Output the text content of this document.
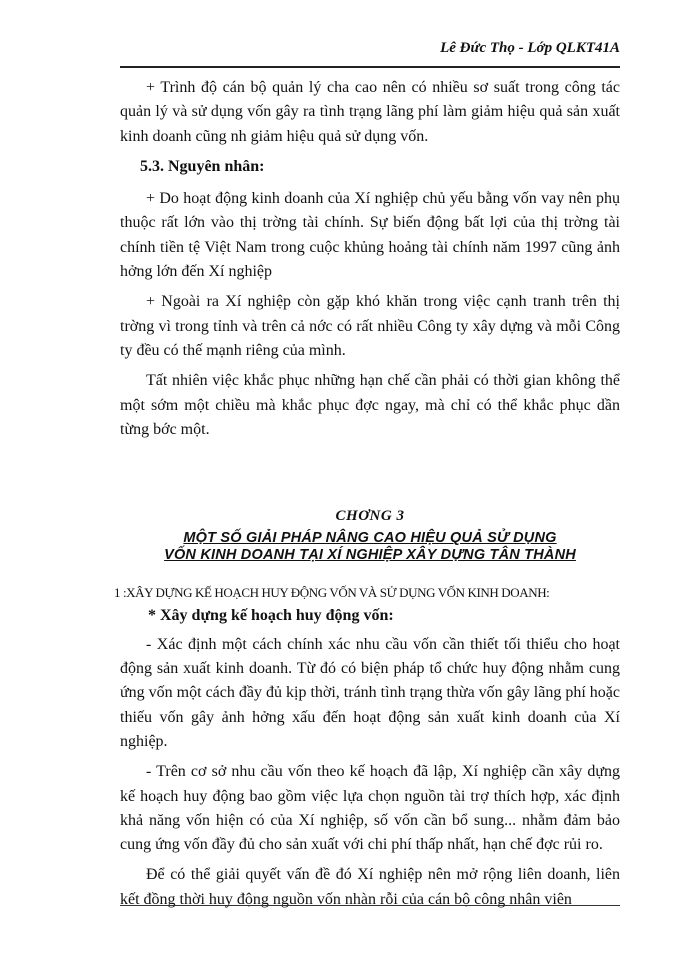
Lê Đức Thọ - Lớp QLKT41A

+ Trình độ cán bộ quản lý cha cao nên có nhiều sơ suất trong công tác quản lý và sử dụng vốn gây ra tình trạng lãng phí làm giảm hiệu quả sản xuất kinh doanh cũng nh giảm hiệu quả sử dụng vốn.

5.3. Nguyên nhân:

+ Do hoạt động kinh doanh của Xí nghiệp chủ yếu bằng vốn vay nên phụ thuộc rất lớn vào thị trờng tài chính. Sự biến động bất lợi của thị trờng tài chính tiền tệ Việt Nam trong cuộc khủng hoảng tài chính năm 1997 cũng ảnh hởng lớn đến Xí nghiệp

+ Ngoài ra Xí nghiệp còn gặp khó khăn trong việc cạnh tranh trên thị trờng vì trong tỉnh và trên cả nớc có rất nhiều Công ty xây dựng và mỗi Công ty đều có thế mạnh riêng của mình.

Tất nhiên việc khắc phục những hạn chế cần phải có thời gian không thể một sớm một chiều mà khắc phục đợc ngay, mà chỉ có thể khắc phục dần từng bớc một.

CHƠNG 3
MỘT SỐ GIẢI PHÁP NÂNG CAO HIỆU QUẢ SỬ DỤNG
VỐN KINH DOANH TẠI XÍ NGHIỆP XÂY DỰNG TÂN THÀNH
1 :XÂY DỰNG KẾ HOẠCH HUY ĐỘNG VỐN VÀ SỬ DỤNG VỐN KINH DOANH:
* Xây dựng kế hoạch huy động vốn:

- Xác định một cách chính xác nhu cầu vốn cần thiết tối thiểu cho hoạt động sản xuất kinh doanh. Từ đó có biện pháp tổ chức huy động nhằm cung ứng vốn một cách đầy đủ kịp thời, tránh tình trạng thừa vốn gây lãng phí hoặc thiếu vốn gây ảnh hởng xấu đến hoạt động sản xuất kinh doanh của Xí nghiệp.

- Trên cơ sở nhu cầu vốn theo kế hoạch đã lập, Xí nghiệp cần xây dựng kế hoạch huy động bao gồm việc lựa chọn nguồn tài trợ thích hợp, xác định khả năng vốn hiện có của Xí nghiệp, số vốn cần bổ sung... nhằm đảm bảo cung ứng vốn đầy đủ cho sản xuất với chi phí thấp nhất, hạn chế đợc rủi ro.

Để có thể giải quyết vấn đề đó Xí nghiệp nên mở rộng liên doanh, liên kết đồng thời huy động nguồn vốn nhàn rỗi của cán bộ công nhân viên
